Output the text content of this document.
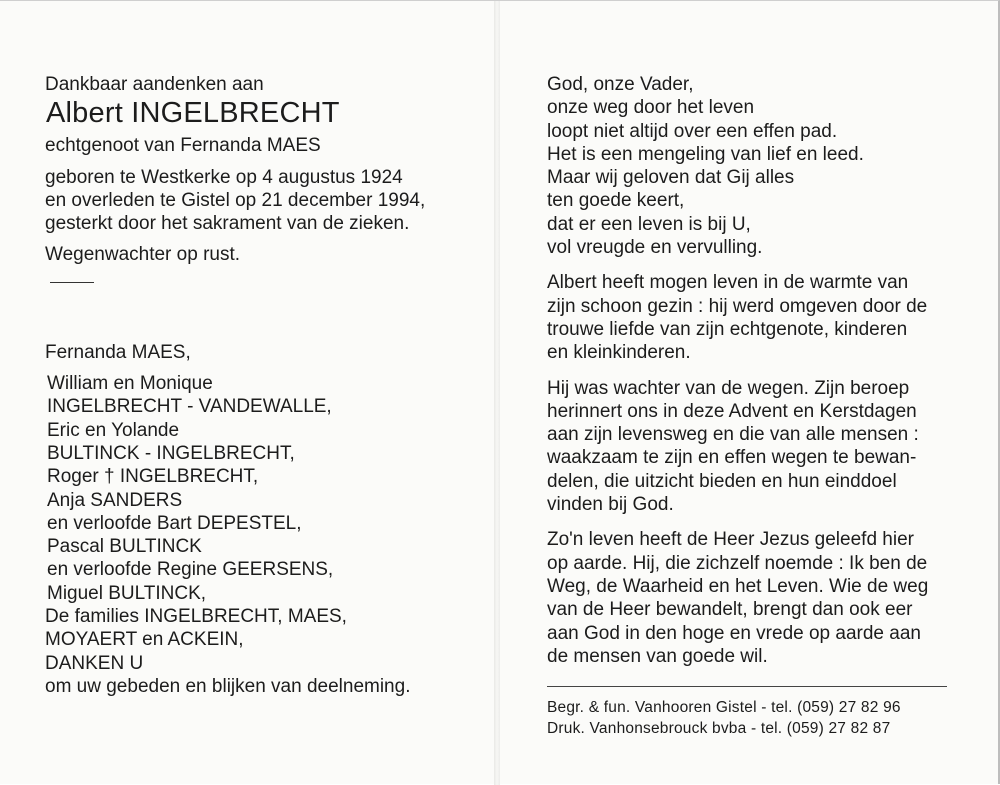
Dankbaar aandenken aan
Albert INGELBRECHT
echtgenoot van Fernanda MAES
geboren te Westkerke op 4 augustus 1924
en overleden te Gistel op 21 december 1994,
gesterkt door het sakrament van de zieken.
Wegenwachter op rust.
Fernanda MAES,
William en Monique
INGELBRECHT - VANDEWALLE,
Eric en Yolande
BULTINCK - INGELBRECHT,
Roger † INGELBRECHT,
Anja SANDERS
en verloofde Bart DEPESTEL,
Pascal BULTINCK
en verloofde Regine GEERSENS,
Miguel BULTINCK,
De families INGELBRECHT, MAES,
MOYAERT en ACKEIN,
DANKEN U
om uw gebeden en blijken van deelneming.
God, onze Vader,
onze weg door het leven
loopt niet altijd over een effen pad.
Het is een mengeling van lief en leed.
Maar wij geloven dat Gij alles
ten goede keert,
dat er een leven is bij U,
vol vreugde en vervulling.
Albert heeft mogen leven in de warmte van
zijn schoon gezin : hij werd omgeven door de
trouwe liefde van zijn echtgenote, kinderen
en kleinkinderen.
Hij was wachter van de wegen. Zijn beroep
herinnert ons in deze Advent en Kerstdagen
aan zijn levensweg en die van alle mensen :
waakzaam te zijn en effen wegen te bewan-
delen, die uitzicht bieden en hun einddoel
vinden bij God.
Zo'n leven heeft de Heer Jezus geleefd hier
op aarde. Hij, die zichzelf noemde : Ik ben de
Weg, de Waarheid en het Leven. Wie de weg
van de Heer bewandelt, brengt dan ook eer
aan God in den hoge en vrede op aarde aan
de mensen van goede wil.
Begr. & fun. Vanhooren Gistel - tel. (059) 27 82 96
Druk. Vanhonsebrouck bvba - tel. (059) 27 82 87
